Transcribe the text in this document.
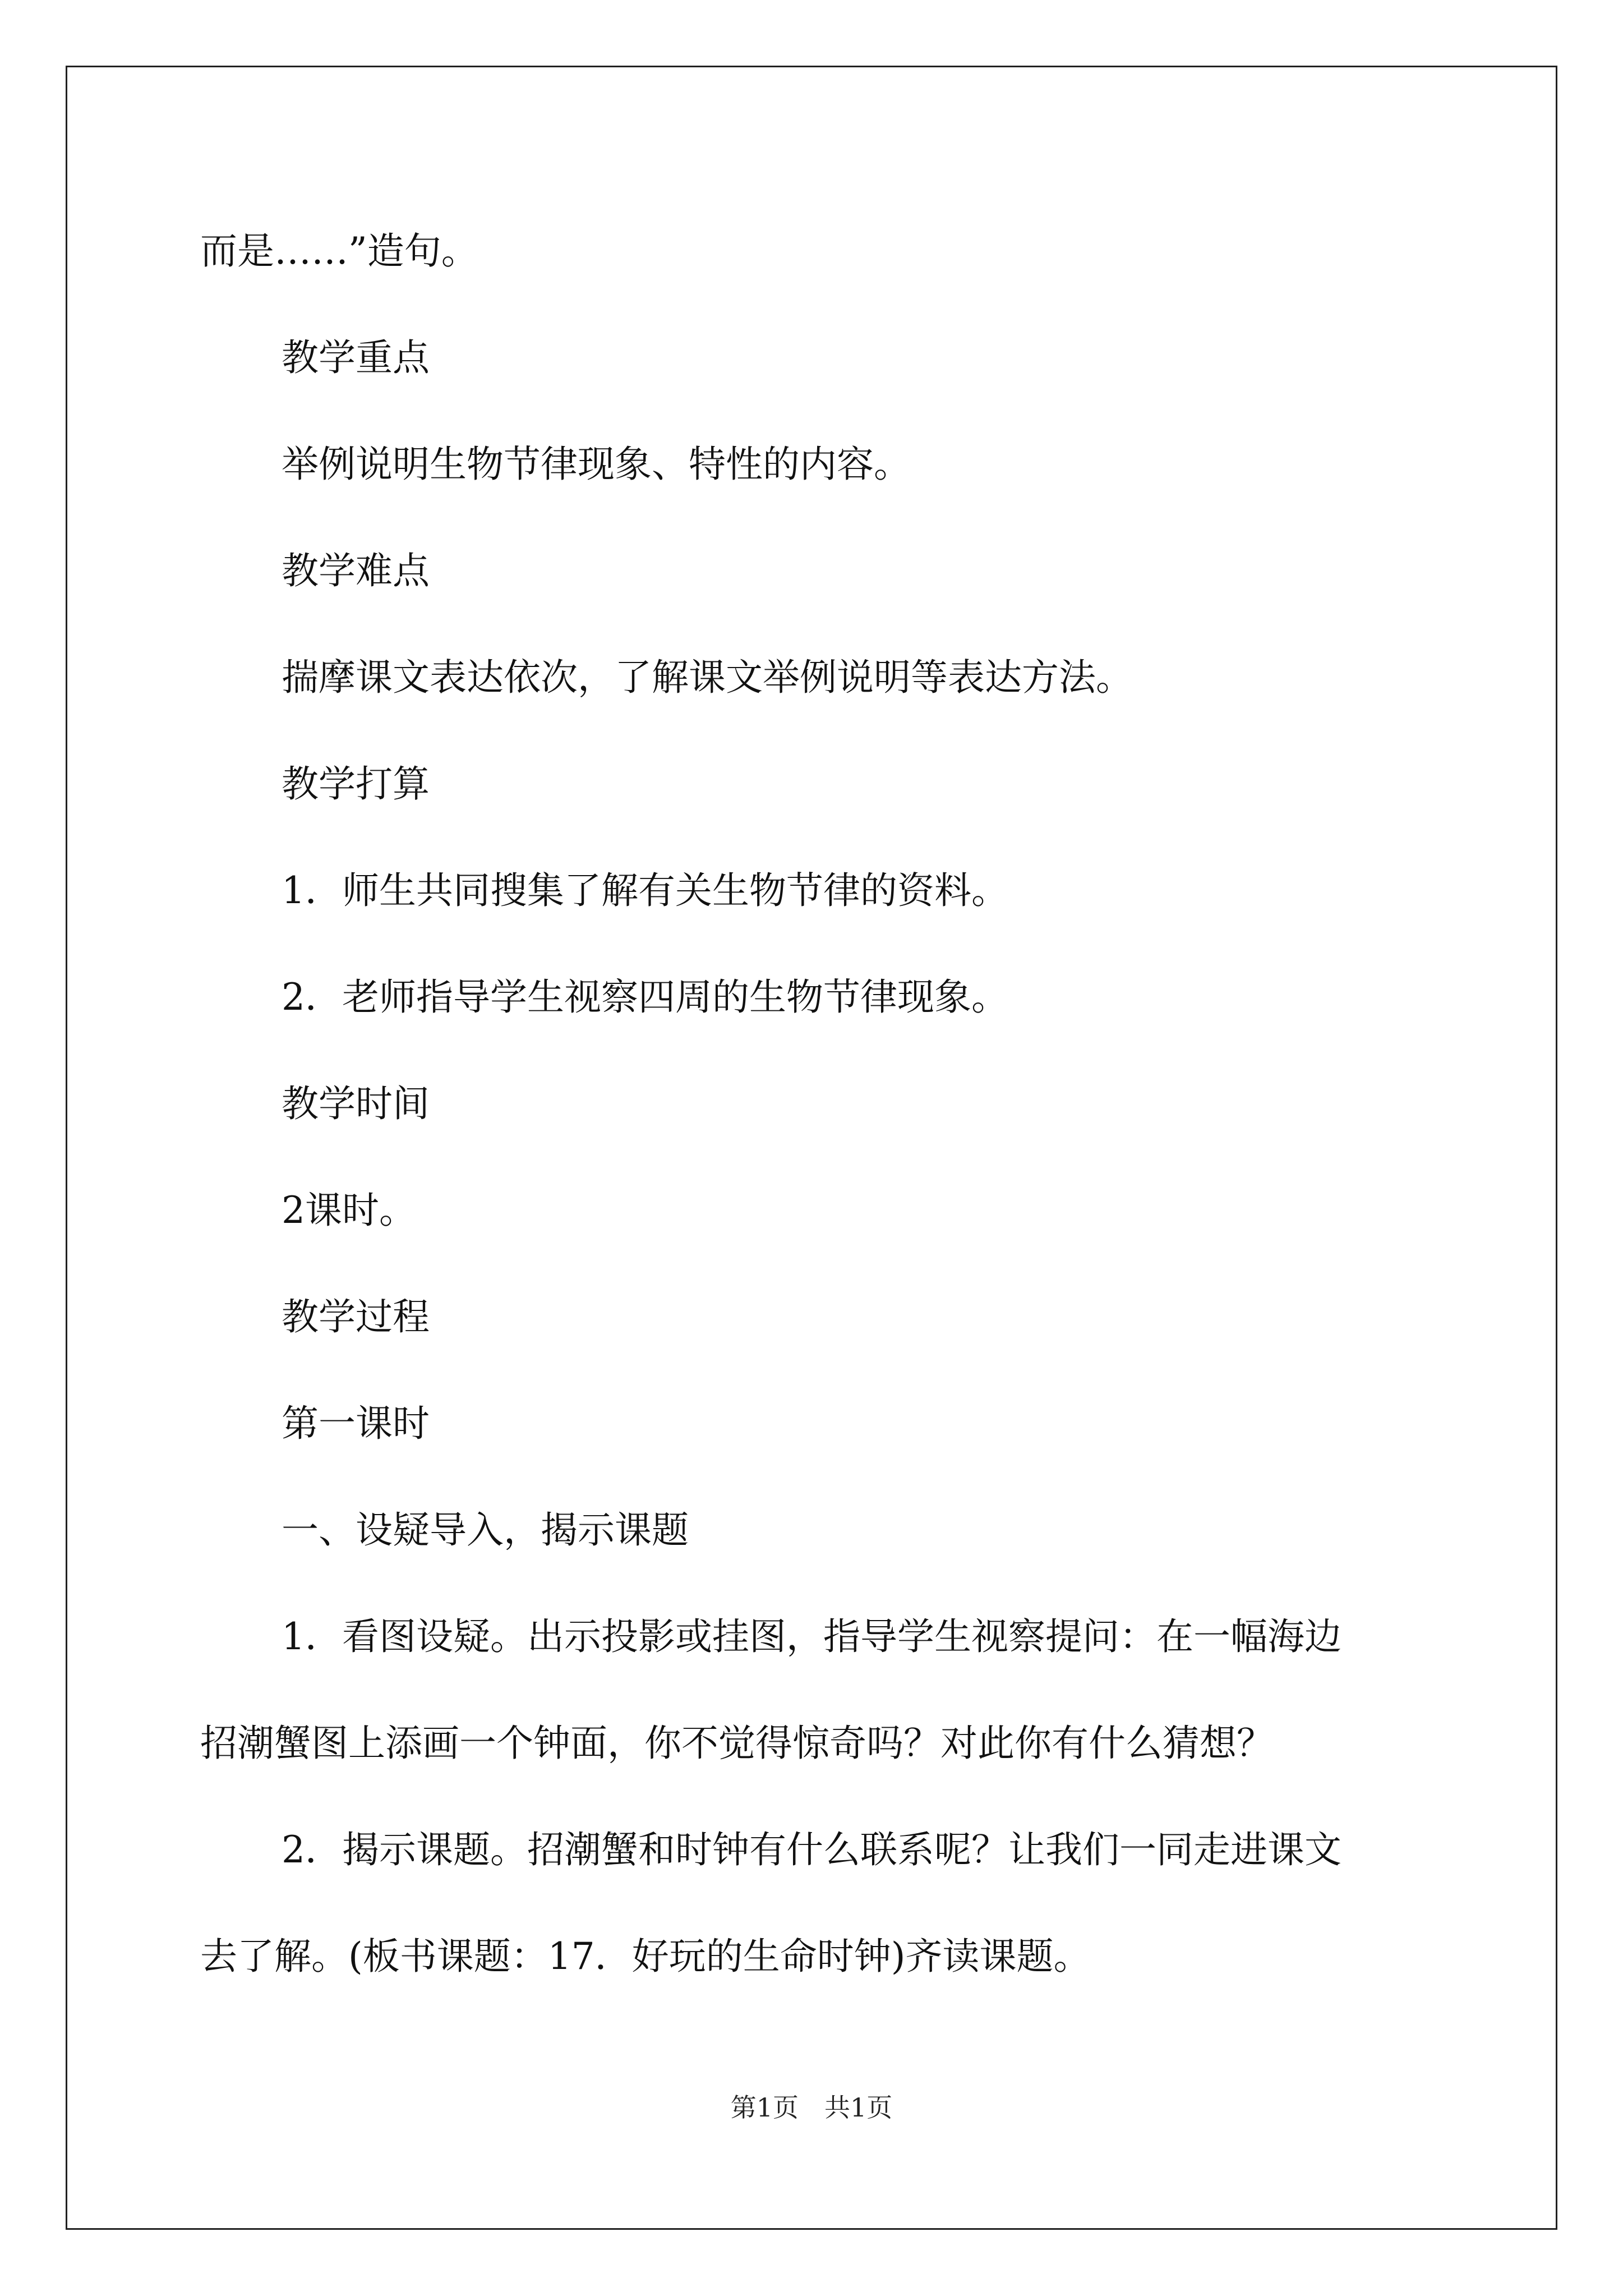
而是……”造句。
教学重点
举例说明生物节律现象、特性的内容。
教学难点
揣摩课文表达依次，了解课文举例说明等表达方法。
教学打算
1．师生共同搜集了解有关生物节律的资料。
2．老师指导学生视察四周的生物节律现象。
教学时间
2课时。
教学过程
第一课时
一、设疑导入，揭示课题
1．看图设疑。出示投影或挂图，指导学生视察提问：在一幅海边
招潮蟹图上添画一个钟面，你不觉得惊奇吗？对此你有什么猜想？
2．揭示课题。招潮蟹和时钟有什么联系呢？让我们一同走进课文
去了解。(板书课题：17．好玩的生命时钟)齐读课题。
第1页　共1页
